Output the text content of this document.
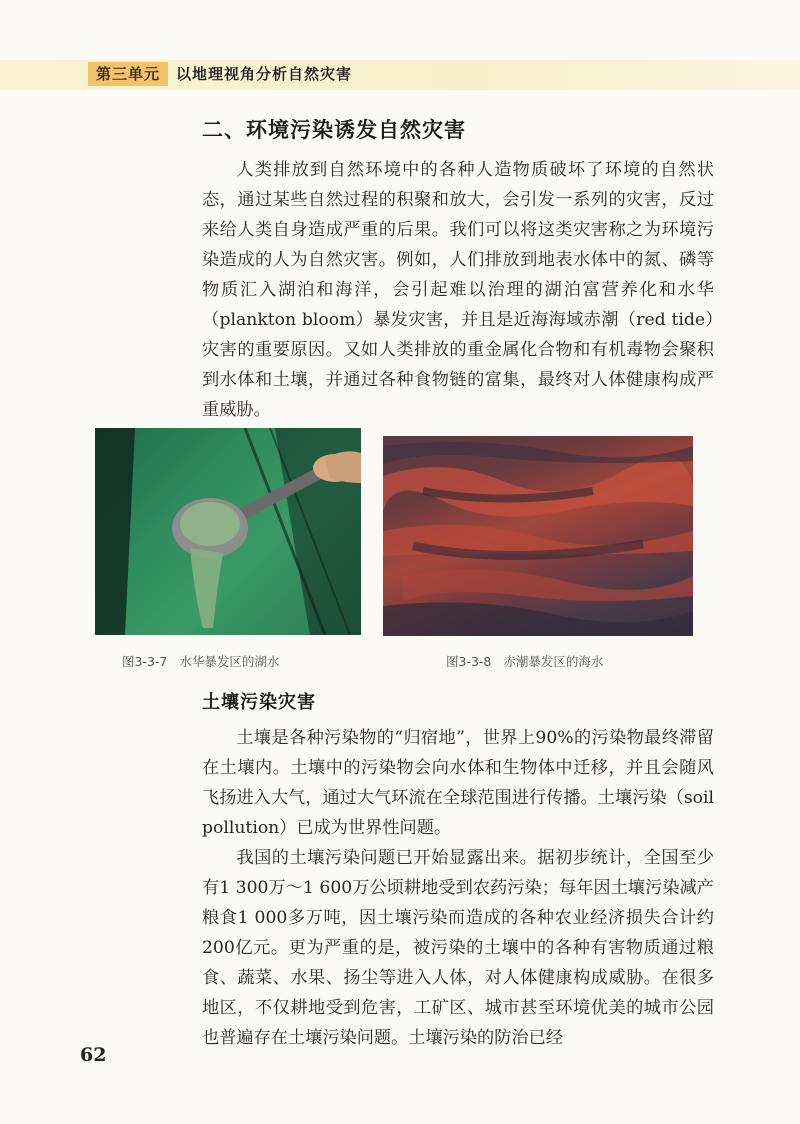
第三单元	以地理视角分析自然灾害
二、环境污染诱发自然灾害

人类排放到自然环境中的各种人造物质破坏了环境的自然状态，通过某些自然过程的积聚和放大，会引发一系列的灾害，反过来给人类自身造成严重的后果。我们可以将这类灾害称之为环境污染造成的人为自然灾害。例如，人们排放到地表水体中的氮、磷等物质汇入湖泊和海洋，会引起难以治理的湖泊富营养化和水华（plankton bloom）暴发灾害，并且是近海海域赤潮（red tide）灾害的重要原因。又如人类排放的重金属化合物和有机毒物会聚积到水体和土壤，并通过各种食物链的富集，最终对人体健康构成严重威胁。

图3-3-7 水华暴发区的湖水	图3-3-8 赤潮暴发区的海水
土壤污染灾害

土壤是各种污染物的“归宿地”，世界上90%的污染物最终滞留在土壤内。土壤中的污染物会向水体和生物体中迁移，并且会随风飞扬进入大气，通过大气环流在全球范围进行传播。土壤污染（soil pollution）已成为世界性问题。

我国的土壤污染问题已开始显露出来。据初步统计，全国至少有1 300万～1 600万公顷耕地受到农药污染；每年因土壤污染减产粮食1 000多万吨，因土壤污染而造成的各种农业经济损失合计约200亿元。更为严重的是，被污染的土壤中的各种有害物质通过粮食、蔬菜、水果、扬尘等进入人体，对人体健康构成威胁。在很多地区，不仅耕地受到危害，工矿区、城市甚至环境优美的城市公园也普遍存在土壤污染问题。土壤污染的防治已经

62
